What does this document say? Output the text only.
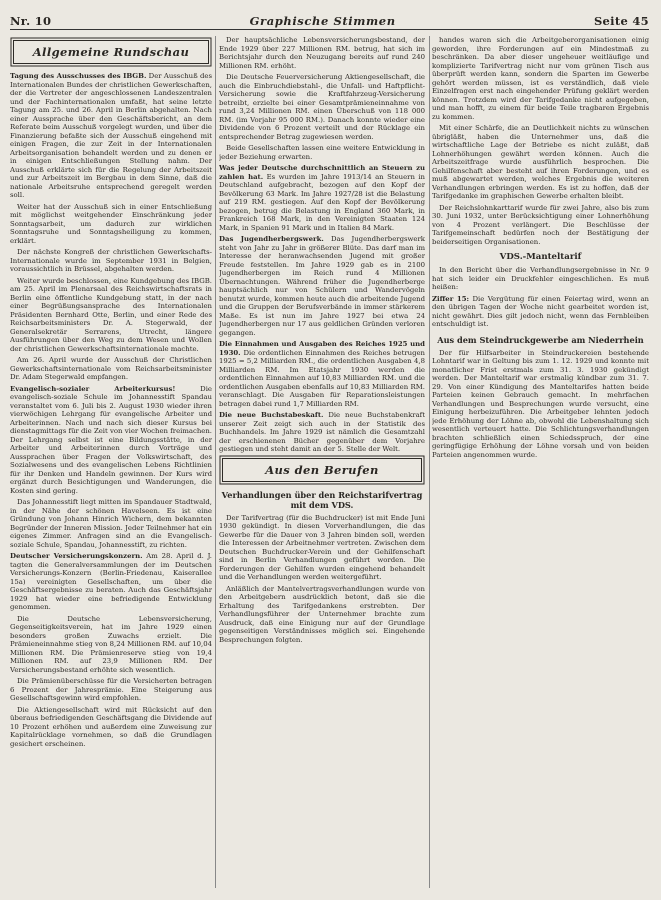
Nr. 10	Graphische Stimmen	Seite 45
Allgemeine Rundschau

Tagung des Ausschusses des IBGB. Der Ausschuß des Internationalen Bundes der christlichen Gewerkschaften, der die Vertreter der angeschlossenen Landeszentralen und der Fachinternationalen umfaßt, hat seine letzte Tagung am 25. und 26. April in Berlin abgehalten. Nach einer Aussprache über den Geschäftsbericht, an dem Referate beim Ausschuß vorgelegt wurden, und über die Finanzierung befaßte sich der Ausschuß eingehend mit einigen Fragen, die zur Zeit in der Internationalen Arbeitsorganisation behandelt werden und zu denen er in einigen Entschließungen Stellung nahm. Der Ausschuß erklärte sich für die Regelung der Arbeitszeit und zur Arbeitszeit im Bergbau in dem Sinne, daß die nationale Arbeitsruhe entsprechend geregelt werden soll.

Weiter hat der Ausschuß sich in einer Entschließung mit möglichst weitgehender Einschränkung jeder Sonntagsarbeit, um dadurch zur wirklichen Sonntagsruhe und Sonntagsheiligung zu kommen, erklärt.

Der nächste Kongreß der christlichen Gewerkschafts-Internationale wurde im September 1931 in Belgien, voraussichtlich in Brüssel, abgehalten werden.

Weiter wurde beschlossen, eine Kundgebung des IBGB. am 25. April im Plenarsaal des Reichswirtschaftsrats in Berlin eine öffentliche Kundgebung statt, in der nach einer Begrüßungsansprache des Internationalen Präsidenten Bernhard Otte, Berlin, und einer Rede des Reichsarbeitsministers Dr. A. Stegerwald, der Generalsekretär Serrarens, Utrecht, längere Ausführungen über den Weg zu dem Wesen und Wollen der christlichen Gewerkschaftsinternationale machte.

Am 26. April wurde der Ausschuß der Christlichen Gewerkschaftsinternationale vom Reichsarbeitsminister Dr. Adam Stegerwald empfangen.

Evangelisch-sozialer Arbeiterkursus! Die evangelisch-soziale Schule im Johannesstift Spandau veranstaltet vom 6. Juli bis 2. August 1930 wieder ihren vierwöchigen Lehrgang für evangelische Arbeiter und Arbeiterinnen. Nach und nach sich dieser Kursus bei dienstagmittags für die Zeit von vier Wochen freimachen. Der Lehrgang selbst ist eine Bildungsstätte, in der Arbeiter und Arbeiterinnen durch Vorträge und Aussprachen über Fragen der Volkswirtschaft, des Sozialwesens und des evangelischen Lebens Richtlinien für ihr Denken und Handeln gewinnen. Der Kurs wird ergänzt durch Besichtigungen und Wanderungen, die Kosten sind gering.

Das Johannesstift liegt mitten im Spandauer Stadtwald, in der Nähe der schönen Havelseen. Es ist eine Gründung von Johann Hinrich Wichern, dem bekannten Begründer der Inneren Mission. Jeder Teilnehmer hat ein eigenes Zimmer. Anfragen sind an die Evangelisch-soziale Schule, Spandau, Johannesstift, zu richten.

Deutscher Versicherungskonzern. Am 28. April d. J. tagten die Generalversammlungen der im Deutschen Versicherungs-Konzern (Berlin-Friedenau, Kaiserallee 15a) vereinigten Gesellschaften, um über die Geschäftsergebnisse zu beraten. Auch das Geschäftsjahr 1929 hat wieder eine befriedigende Entwicklung genommen.

Die Deutsche Lebensversicherung, Gegenseitigkeitsverein, hat im Jahre 1929 einen besonders großen Zuwachs erzielt. Die Prämieneinnahme stieg von 8,24 Millionen RM. auf 10,04 Millionen RM. Die Prämienreserve stieg von 19,4 Millionen RM. auf 23,9 Millionen RM. Der Versicherungsbestand erhöhte sich wesentlich.

Die Prämienüberschüsse für die Versicherten betragen 6 Prozent der Jahresprämie. Eine Steigerung aus Gesellschaftsgewinn wird empfohlen.

Die Aktiengesellschaft wird mit Rücksicht auf den überaus befriedigenden Geschäftsgang die Dividende auf 10 Prozent erhöhen und außerdem eine Zuweisung zur Kapitalrücklage vornehmen, so daß die Grundlagen gesichert erscheinen.

Der hauptsächliche Lebensversicherungsbestand, der Ende 1929 über 227 Millionen RM. betrug, hat sich im Berichtsjahr durch den Neuzugang bereits auf rund 240 Millionen RM. erhöht.

Die Deutsche Feuerversicherung Aktiengesellschaft, die auch die Einbruchdiebstahl-, die Unfall- und Haftpflicht-Versicherung sowie die Kraftfahrzeug-Versicherung betreibt, erzielte bei einer Gesamtprämieneinnahme von rund 3,24 Millionen RM. einen Überschuß von 118 000 RM. (im Vorjahr 95 000 RM.). Danach konnte wieder eine Dividende von 6 Prozent verteilt und der Rücklage ein entsprechender Betrag zugewiesen werden.

Beide Gesellschaften lassen eine weitere Entwicklung in jeder Beziehung erwarten.

Was jeder Deutsche durchschnittlich an Steuern zu zahlen hat. Es wurden im Jahre 1913/14 an Steuern in Deutschland aufgebracht, bezogen auf den Kopf der Bevölkerung 63 Mark. Im Jahre 1927/28 ist die Belastung auf 219 RM. gestiegen. Auf den Kopf der Bevölkerung bezogen, betrug die Belastung in England 360 Mark, in Frankreich 168 Mark, in den Vereinigten Staaten 124 Mark, in Spanien 91 Mark und in Italien 84 Mark.

Das Jugendherbergswerk. Das Jugendherbergswerk steht von Jahr zu Jahr in größerer Blüte. Das darf man im Interesse der heranwachsenden Jugend mit großer Freude feststellen. Im Jahre 1929 gab es in 2100 Jugendherbergen im Reich rund 4 Millionen Übernachtungen. Während früher die Jugendherberge hauptsächlich nur von Schülern und Wandervögeln benutzt wurde, kommen heute auch die arbeitende Jugend und die Gruppen der Berufsverbände in immer stärkerem Maße. Es ist nun im Jahre 1927 bei etwa 24 Jugendherbergen nur 17 aus geldlichen Gründen verloren gegangen.

Die Einnahmen und Ausgaben des Reiches 1925 und 1930. Die ordentlichen Einnahmen des Reiches betrugen 1925 = 5,2 Milliarden RM., die ordentlichen Ausgaben 4,8 Milliarden RM. Im Etatsjahr 1930 werden die ordentlichen Einnahmen auf 10,83 Milliarden RM. und die ordentlichen Ausgaben ebenfalls auf 10,83 Milliarden RM. veranschlagt. Die Ausgaben für Reparationsleistungen betragen dabei rund 1,7 Milliarden RM.

Die neue Buchstabeskaft. Die neue Buchstabenkraft unserer Zeit zeigt sich auch in der Statistik des Buchhandels. Im Jahre 1929 ist nämlich die Gesamtzahl der erschienenen Bücher gegenüber dem Vorjahre gestiegen und steht damit an der 5. Stelle der Welt.

Aus den Berufen
Verhandlungen über den Reichstarifvertrag mit dem VDS.

Der Tarifvertrag (für die Buchdrucker) ist mit Ende Juni 1930 gekündigt. In diesen Vorverhandlungen, die das Gewerbe für die Dauer von 3 Jahren binden soll, werden die Interessen der Arbeitnehmer vertreten. Zwischen dem Deutschen Buchdrucker-Verein und der Gehilfenschaft sind in Berlin Verhandlungen geführt worden. Die Forderungen der Gehilfen wurden eingehend behandelt und die Verhandlungen werden weitergeführt.

Anläßlich der Mantelvertragsverhandlungen wurde von den Arbeitgebern ausdrücklich betont, daß sie die Erhaltung des Tarifgedankens erstrebten. Der Verhandlungsführer der Unternehmer brachte zum Ausdruck, daß eine Einigung nur auf der Grundlage gegenseitigen Verständnisses möglich sei. Eingehende Besprechungen folgten.

handes waren sich die Arbeitgeberorganisationen einig geworden, ihre Forderungen auf ein Mindestmaß zu beschränken. Da aber dieser ungeheuer weitläufige und komplizierte Tarifvertrag nicht nur vom grünen Tisch aus überprüft werden kann, sondern die Sparten im Gewerbe gehört werden müssen, ist es verständlich, daß viele Einzelfragen erst nach eingehender Prüfung geklärt werden können. Trotzdem wird der Tarifgedanke nicht aufgegeben, und man hofft, zu einem für beide Teile tragbaren Ergebnis zu kommen.

Mit einer Schärfe, die an Deutlichkeit nichts zu wünschen übrigläßt, haben die Unternehmer uns, daß die wirtschaftliche Lage der Betriebe es nicht zuläßt, daß Lohnerhöhungen gewährt werden können. Auch die Arbeitszeitfrage wurde ausführlich besprochen. Die Gehilfenschaft aber besteht auf ihren Forderungen, und es muß abgewartet werden, welches Ergebnis die weiteren Verhandlungen erbringen werden. Es ist zu hoffen, daß der Tarifgedanke im graphischen Gewerbe erhalten bleibt.

Der Reichslohnkarttarif wurde für zwei Jahre, also bis zum 30. Juni 1932, unter Berücksichtigung einer Lohnerhöhung von 4 Prozent verlängert. Die Beschlüsse der Tarifgemeinschaft bedürfen noch der Bestätigung der beiderseitigen Organisationen.

VDS.-Manteltarif

In den Bericht über die Verhandlungsergebnisse in Nr. 9 hat sich leider ein Druckfehler eingeschlichen. Es muß heißen:

Ziffer 15: Die Vergütung für einen Feiertag wird, wenn an den übrigen Tagen der Woche nicht gearbeitet worden ist, nicht gewährt. Dies gilt jedoch nicht, wenn das Fernbleiben entschuldigt ist.

Aus dem Steindruckgewerbe am Niederrhein

Der für Hilfsarbeiter in Steindruckereien bestehende Lohntarif war in Geltung bis zum 1. 12. 1929 und konnte mit monatlicher Frist erstmals zum 31. 3. 1930 gekündigt werden. Der Manteltarif war erstmalig kündbar zum 31. 7. 29. Von einer Kündigung des Manteltarifes hatten beide Parteien keinen Gebrauch gemacht. In mehrfachen Verhandlungen und Besprechungen wurde versucht, eine Einigung herbeizuführen. Die Arbeitgeber lehnten jedoch jede Erhöhung der Löhne ab, obwohl die Lebenshaltung sich wesentlich verteuert hatte. Die Schlichtungsverhandlungen brachten schließlich einen Schiedsspruch, der eine geringfügige Erhöhung der Löhne vorsah und von beiden Parteien angenommen wurde.
